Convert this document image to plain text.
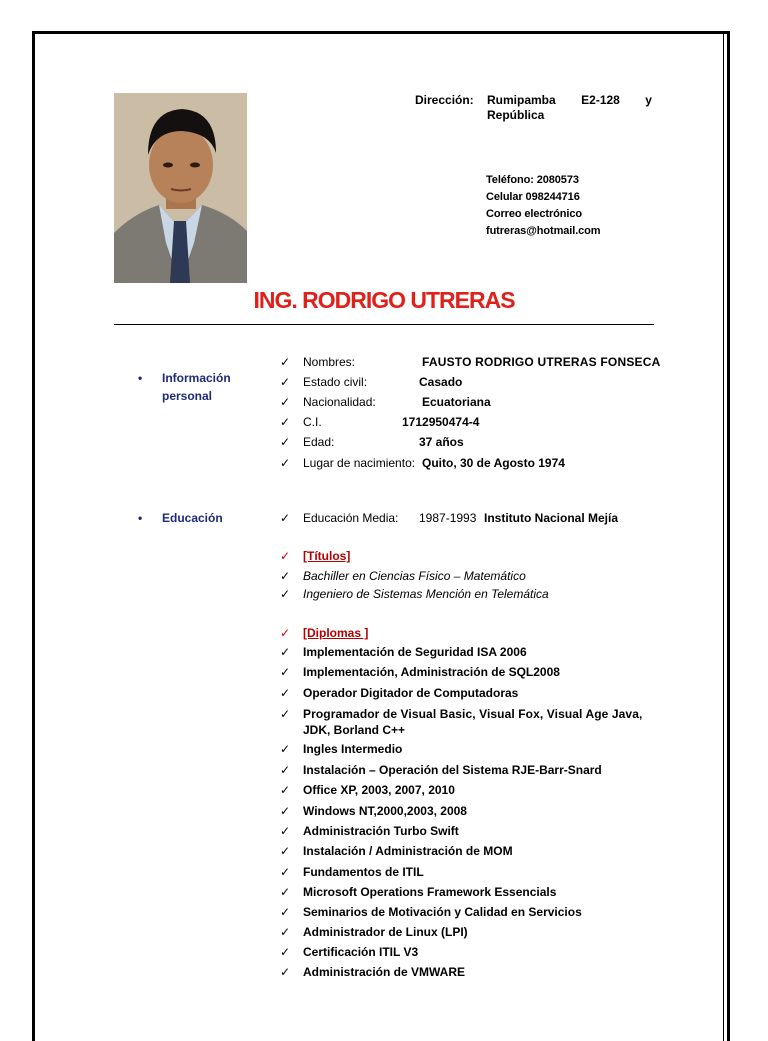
Dirección: Rumipamba E2-128 y
República
Teléfono: 2080573
Celular 098244716
Correo electrónico
futreras@hotmail.com
ING. RODRIGO UTRERAS
• Información
personal
✓ Nombres:	FAUSTO RODRIGO UTRERAS FONSECA
✓ Estado civil:	Casado
✓ Nacionalidad:	Ecuatoriana
✓ C.I.	1712950474-4
✓ Edad:	37 años
✓ Lugar de nacimiento: Quito, 30 de Agosto 1974
• Educación	✓ Educación Media: 1987-1993 Instituto Nacional Mejía
✓ [Títulos]
✓ Bachiller en Ciencias Físico – Matemático
✓ Ingeniero de Sistemas Mención en Telemática
✓ [Diplomas ]
✓ Implementación de Seguridad ISA 2006
✓ Implementación, Administración de SQL2008
✓ Operador Digitador de Computadoras
✓ Programador de Visual Basic, Visual Fox, Visual Age Java,
JDK, Borland C++
✓ Ingles Intermedio
✓ Instalación – Operación del Sistema RJE-Barr-Snard
✓ Office XP, 2003, 2007, 2010
✓ Windows NT,2000,2003, 2008
✓ Administración Turbo Swift
✓ Instalación / Administración de MOM
✓ Fundamentos de ITIL
✓ Microsoft Operations Framework Essencials
✓ Seminarios de Motivación y Calidad en Servicios
✓ Administrador de Linux (LPI)
✓ Certificación ITIL V3
✓ Administración de VMWARE
